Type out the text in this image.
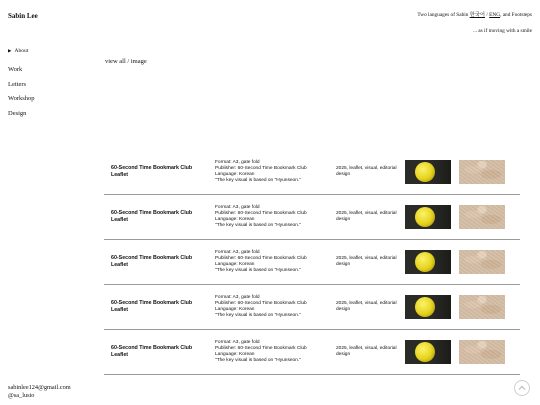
Sabin Lee	Two languages of Sabin 한국어 / ENG, and Footsteps
... as if moving with a smile
▶ About
Work
Letters
Workshop
Design
view all / image
60-Second Time Bookmark Club Leaflet
Format: A3, gate fold
Publisher: 60-Second Time Bookmark Club
Language: Korean
"The key visual is based on "Hyunseon."
2025, leaflet, visual, editorial design
60-Second Time Bookmark Club Leaflet
Format: A3, gate fold
Publisher: 60-Second Time Bookmark Club
Language: Korean
"The key visual is based on "Hyunseon."
2025, leaflet, visual, editorial design
60-Second Time Bookmark Club Leaflet
Format: A3, gate fold
Publisher: 60-Second Time Bookmark Club
Language: Korean
"The key visual is based on "Hyunseon."
2025, leaflet, visual, editorial design
60-Second Time Bookmark Club Leaflet
Format: A3, gate fold
Publisher: 60-Second Time Bookmark Club
Language: Korean
"The key visual is based on "Hyunseon."
2025, leaflet, visual, editorial design
60-Second Time Bookmark Club Leaflet
Format: A3, gate fold
Publisher: 60-Second Time Bookmark Club
Language: Korean
"The key visual is based on "Hyunseon."
2025, leaflet, visual, editorial design
sabinlee124@gmail.com
@sa_lusio
